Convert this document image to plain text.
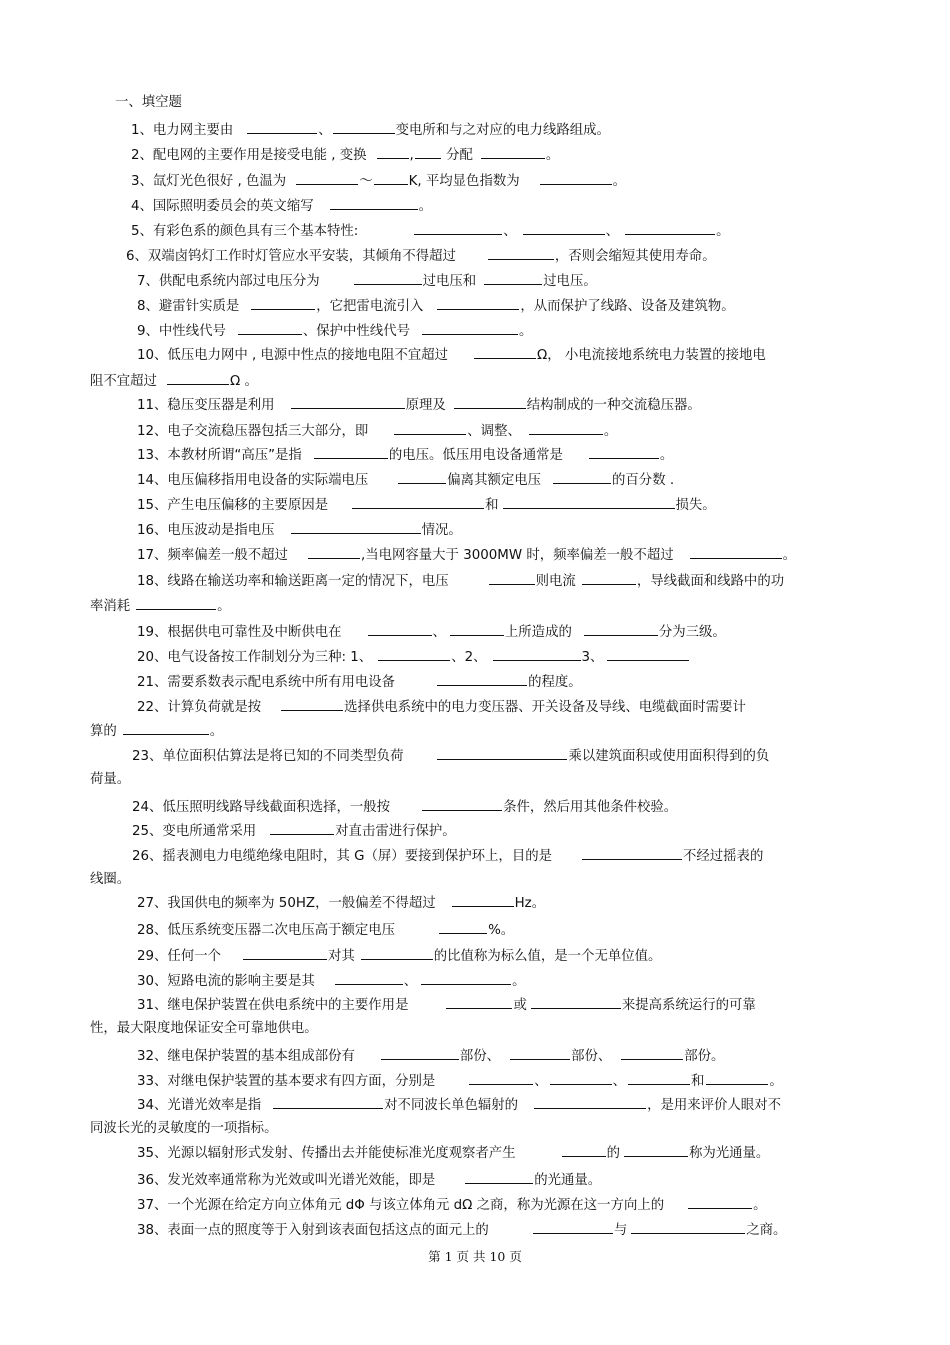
一、填空题
1、电力网主要由	、	变电所和与之对应的电力线路组成。
2、配电网的主要作用是接受电能 , 变换	, 分配	。
3、氙灯光色很好 , 色温为	～	K, 平均显色指数为	。
4、国际照明委员会的英文缩写	。
5、有彩色系的颜色具有三个基本特性:	、	、	。
6、双端卤钨灯工作时灯管应水平安装，其倾角不得超过	，否则会缩短其使用寿命。
7、供配电系统内部过电压分为	过电压和	过电压。
8、避雷针实质是	，它把雷电流引入	，从而保护了线路、设备及建筑物。
9、中性线代号	、保护中性线代号	。
10、低压电力网中 , 电源中性点的接地电阻不宜超过	Ω， 小电流接地系统电力装置的接地电
阻不宜超过	Ω 。
11、稳压变压器是利用	原理及	结构制成的一种交流稳压器。
12、电子交流稳压器包括三大部分，即	、调整、	。
13、本教材所谓“高压”是指	的电压。低压用电设备通常是	。
14、电压偏移指用电设备的实际端电压	偏离其额定电压	的百分数 .
15、产生电压偏移的主要原因是	和	损失。
16、电压波动是指电压	情况。
17、频率偏差一般不超过	,当电网容量大于 3000MW 时，频率偏差一般不超过	。
18、线路在输送功率和输送距离一定的情况下，电压	则电流	，导线截面和线路中的功
率消耗	。
19、根据供电可靠性及中断供电在	、	上所造成的	分为三级。
20、电气设备按工作制划分为三种: 1、	、2、	3、
21、需要系数表示配电系统中所有用电设备	的程度。
22、计算负荷就是按	选择供电系统中的电力变压器、开关设备及导线、电缆截面时需要计
算的	。
23、单位面积估算法是将已知的不同类型负荷	乘以建筑面积或使用面积得到的负
荷量。
24、低压照明线路导线截面积选择，一般按	条件，然后用其他条件校验。
25、变电所通常采用	对直击雷进行保护。
26、摇表测电力电缆绝缘电阻时，其 G（屏）要接到保护环上，目的是	不经过摇表的
线圈。
27、我国供电的频率为 50HZ，一般偏差不得超过	Hz。
28、低压系统变压器二次电压高于额定电压	%。
29、任何一个	对其	的比值称为标么值，是一个无单位值。
30、短路电流的影响主要是其	、	。
31、继电保护装置在供电系统中的主要作用是	或	来提高系统运行的可靠
性，最大限度地保证安全可靠地供电。
32、继电保护装置的基本组成部份有	部份、	部份、	部份。
33、对继电保护装置的基本要求有四方面，分别是	、	、	和	。
34、光谱光效率是指	对不同波长单色辐射的	，是用来评价人眼对不
同波长光的灵敏度的一项指标。
35、光源以辐射形式发射、传播出去并能使标准光度观察者产生	的	称为光通量。
36、发光效率通常称为光效或叫光谱光效能，即是	的光通量。
37、一个光源在给定方向立体角元 dΦ 与该立体角元 dΩ 之商，称为光源在这一方向上的	。
38、表面一点的照度等于入射到该表面包括这点的面元上的	与	之商。
第 1 页 共 10 页
